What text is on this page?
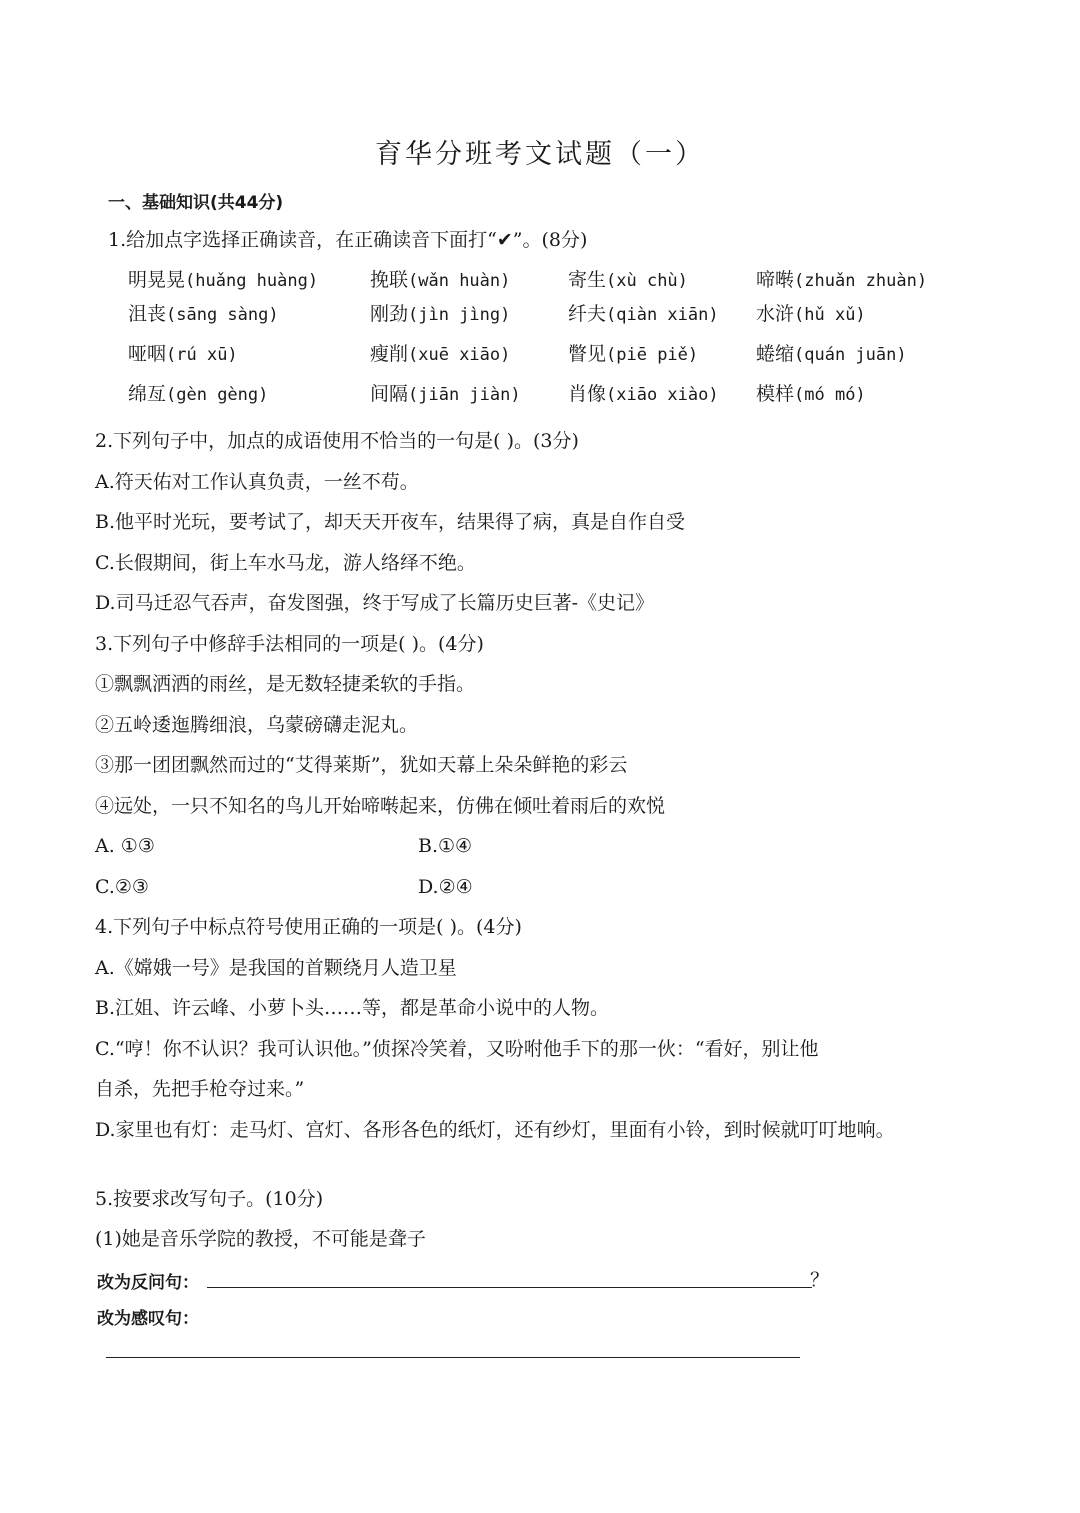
育华分班考文试题（一）
一、基础知识(共44分)
1.给加点字选择正确读音，在正确读音下面打“✔”。(8分)
明晃晃(huǎng huàng)	挽联(wǎn huàn)	寄生(xù chù)	啼啭(zhuǎn zhuàn)
沮丧(sāng sàng)	刚劲(jìn jìng)	纤夫(qiàn xiān) 水浒(hǔ xǔ)
哑咽(rú xū)	瘦削(xuē xiāo)	瞥见(piē piě)	蜷缩(quán juān)
绵亙(gèn gèng)	间隔(jiān jiàn) 肖像(xiāo xiào) 模样(mó mó)
2.下列句子中，加点的成语使用不恰当的一句是( )。(3分)
A.符天佑对工作认真负责，一丝不苟。
B.他平时光玩，要考试了，却天天开夜车，结果得了病，真是自作自受
C.长假期间，街上车水马龙，游人络绎不绝。
D.司马迁忍气吞声，奋发图强，终于写成了长篇历史巨著-《史记》
3.下列句子中修辞手法相同的一项是( )。(4分)
①飘飘洒洒的雨丝，是无数轻捷柔软的手指。
②五岭逶迤腾细浪，乌蒙磅礴走泥丸。
③那一团团飘然而过的“艾得莱斯”，犹如天幕上朵朵鲜艳的彩云
④远处，一只不知名的鸟儿开始啼啭起来，仿佛在倾吐着雨后的欢悦
A. ①③	B.①④
C.②③	D.②④
4.下列句子中标点符号使用正确的一项是( )。(4分)
A.《嫦娥一号》是我国的首颗绕月人造卫星
B.江姐、许云峰、小萝卜头……等，都是革命小说中的人物。
C.“哼！你不认识？我可认识他。”侦探冷笑着，又吩咐他手下的那一伙：“看好，别让他
自杀，先把手枪夺过来。”
D.家里也有灯：走马灯、宫灯、各形各色的纸灯，还有纱灯，里面有小铃，到时候就叮叮地响。
5.按要求改写句子。(10分)
(1)她是音乐学院的教授，不可能是聋子
改为反问句：	？
改为感叹句：
